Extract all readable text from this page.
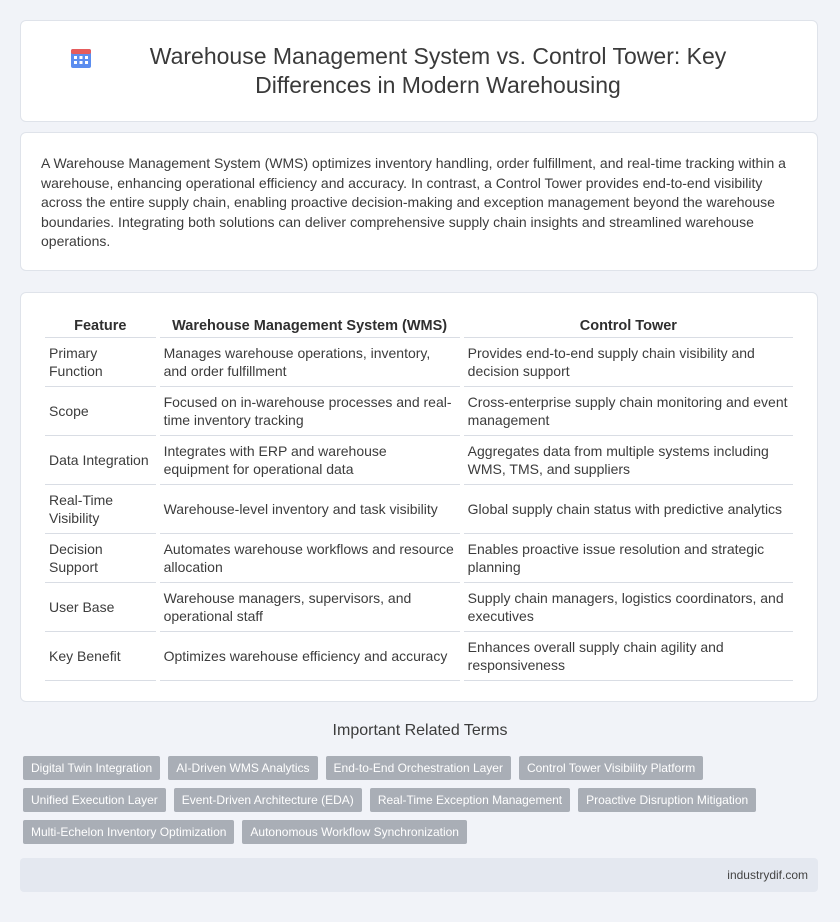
Warehouse Management System vs. Control Tower: Key Differences in Modern Warehousing

A Warehouse Management System (WMS) optimizes inventory handling, order fulfillment, and real-time tracking within a warehouse, enhancing operational efficiency and accuracy. In contrast, a Control Tower provides end-to-end visibility across the entire supply chain, enabling proactive decision-making and exception management beyond the warehouse boundaries. Integrating both solutions can deliver comprehensive supply chain insights and streamlined warehouse operations.

Feature	Warehouse Management System (WMS)	Control Tower
Primary Function	Manages warehouse operations, inventory, and order fulfillment	Provides end-to-end supply chain visibility and decision support
Scope	Focused on in-warehouse processes and real-time inventory tracking	Cross-enterprise supply chain monitoring and event management
Data Integration	Integrates with ERP and warehouse equipment for operational data	Aggregates data from multiple systems including WMS, TMS, and suppliers
Real-Time Visibility	Warehouse-level inventory and task visibility	Global supply chain status with predictive analytics
Decision Support	Automates warehouse workflows and resource allocation	Enables proactive issue resolution and strategic planning
User Base	Warehouse managers, supervisors, and operational staff	Supply chain managers, logistics coordinators, and executives
Key Benefit	Optimizes warehouse efficiency and accuracy	Enhances overall supply chain agility and responsiveness
Important Related Terms
Digital Twin Integration	AI-Driven WMS Analytics	End-to-End Orchestration Layer	Control Tower Visibility Platform
Unified Execution Layer	Event-Driven Architecture (EDA)	Real-Time Exception Management	Proactive Disruption Mitigation
Multi-Echelon Inventory Optimization	Autonomous Workflow Synchronization
industrydif.com
